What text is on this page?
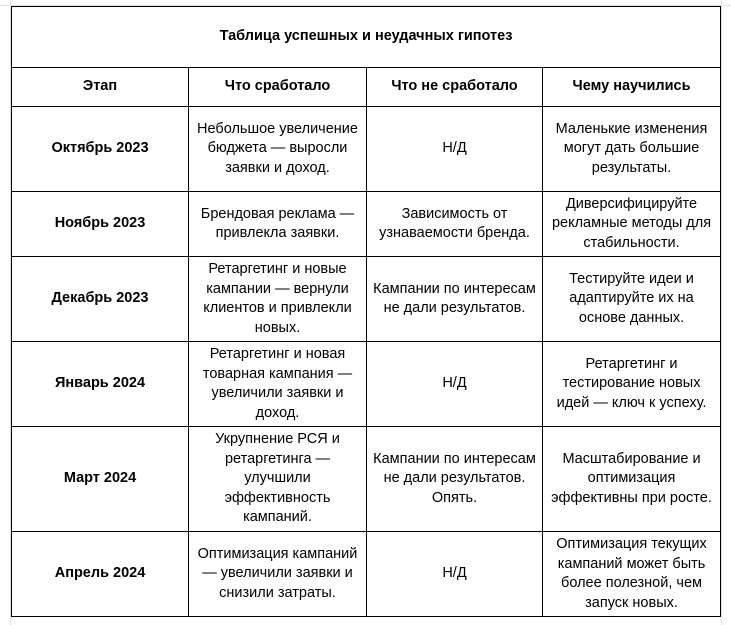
Таблица успешных и неудачных гипотез			
Этап	Что сработало	Что не сработало	Чему научились
Октябрь 2023	Небольшое увеличение бюджета — выросли заявки и доход.	Н/Д	Маленькие изменения могут дать большие результаты.
Ноябрь 2023	Брендовая реклама — привлекла заявки.	Зависимость от узнаваемости бренда.	Диверсифицируйте рекламные методы для стабильности.
Декабрь 2023	Ретаргетинг и новые кампании — вернули клиентов и привлекли новых.	Кампании по интересам не дали результатов.	Тестируйте идеи и адаптируйте их на основе данных.
Январь 2024	Ретаргетинг и новая товарная кампания — увеличили заявки и доход.	Н/Д	Ретаргетинг и тестирование новых идей — ключ к успеху.
Март 2024	Укрупнение РСЯ и ретаргетинга — улучшили эффективность кампаний.	Кампании по интересам не дали результатов. Опять.	Масштабирование и оптимизация эффективны при росте.
Апрель 2024	Оптимизация кампаний — увеличили заявки и снизили затраты.	Н/Д	Оптимизация текущих кампаний может быть более полезной, чем запуск новых.
